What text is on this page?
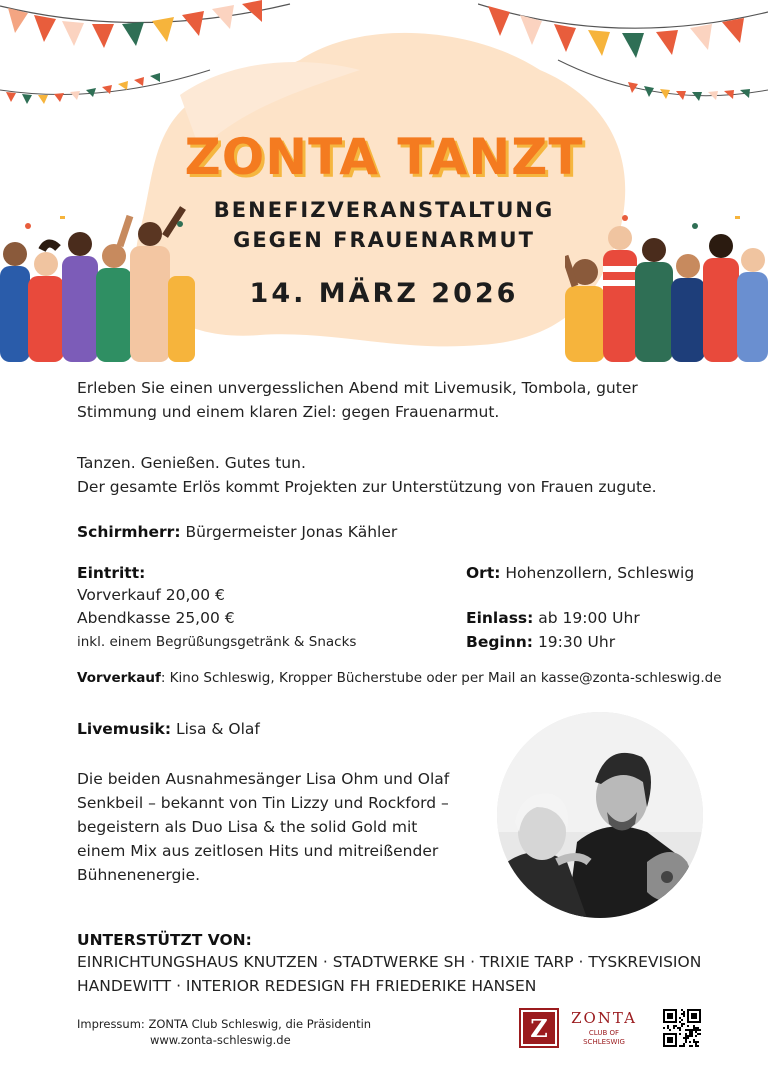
ZONTA TANZT
BENEFIZVERANSTALTUNG
GEGEN FRAUENARMUT
14. MÄRZ 2026
Erleben Sie einen unvergesslichen Abend mit Livemusik, Tombola, guter
Stimmung und einem klaren Ziel: gegen Frauenarmut.
Tanzen. Genießen. Gutes tun.
Der gesamte Erlös kommt Projekten zur Unterstützung von Frauen zugute.
Schirmherr: Bürgermeister Jonas Kähler
Eintritt:
Vorverkauf 20,00 €
Abendkasse 25,00 €
inkl. einem Begrüßungsgetränk & Snacks
Ort: Hohenzollern, Schleswig
Einlass: ab 19:00 Uhr
Beginn: 19:30 Uhr
Vorverkauf: Kino Schleswig, Kropper Bücherstube oder per Mail an kasse@zonta-schleswig.de
Livemusik: Lisa & Olaf
Die beiden Ausnahmesänger Lisa Ohm und Olaf
Senkbeil – bekannt von Tin Lizzy und Rockford –
begeistern als Duo Lisa & the solid Gold mit
einem Mix aus zeitlosen Hits und mitreißender
Bühnenenergie.
UNTERSTÜTZT VON:
EINRICHTUNGSHAUS KNUTZEN · STADTWERKE SH · TRIXIE TARP · TYSKREVISION
HANDEWITT · INTERIOR REDESIGN FH FRIEDERIKE HANSEN
Impressum: ZONTA Club Schleswig, die Präsidentin
www.zonta-schleswig.de	Z ZONTA
CLUB OF
SCHLESWIG
